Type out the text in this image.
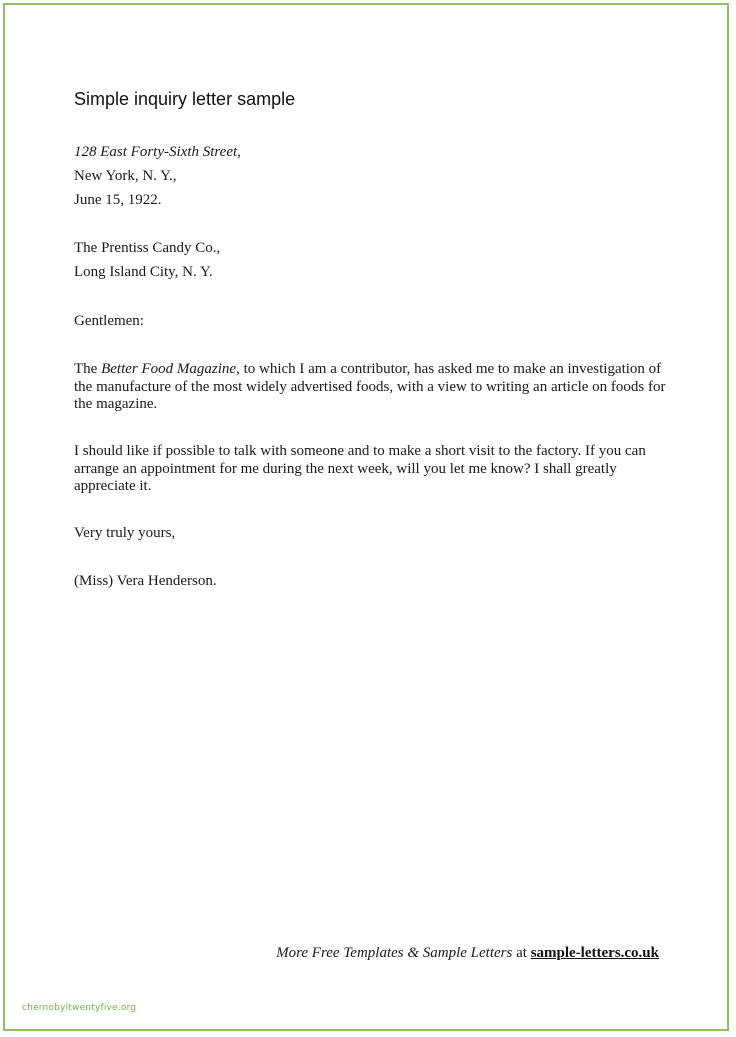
Simple inquiry letter sample
128 East Forty-Sixth Street,
New York, N. Y.,
June 15, 1922.
The Prentiss Candy Co.,
Long Island City, N. Y.
Gentlemen:
The Better Food Magazine, to which I am a contributor, has asked me to make an investigation of the manufacture of the most widely advertised foods, with a view to writing an article on foods for the magazine.
I should like if possible to talk with someone and to make a short visit to the factory. If you can arrange an appointment for me during the next week, will you let me know? I shall greatly appreciate it.
Very truly yours,
(Miss) Vera Henderson.
More Free Templates & Sample Letters at sample-letters.co.uk
chernobyltwentyfive.org
